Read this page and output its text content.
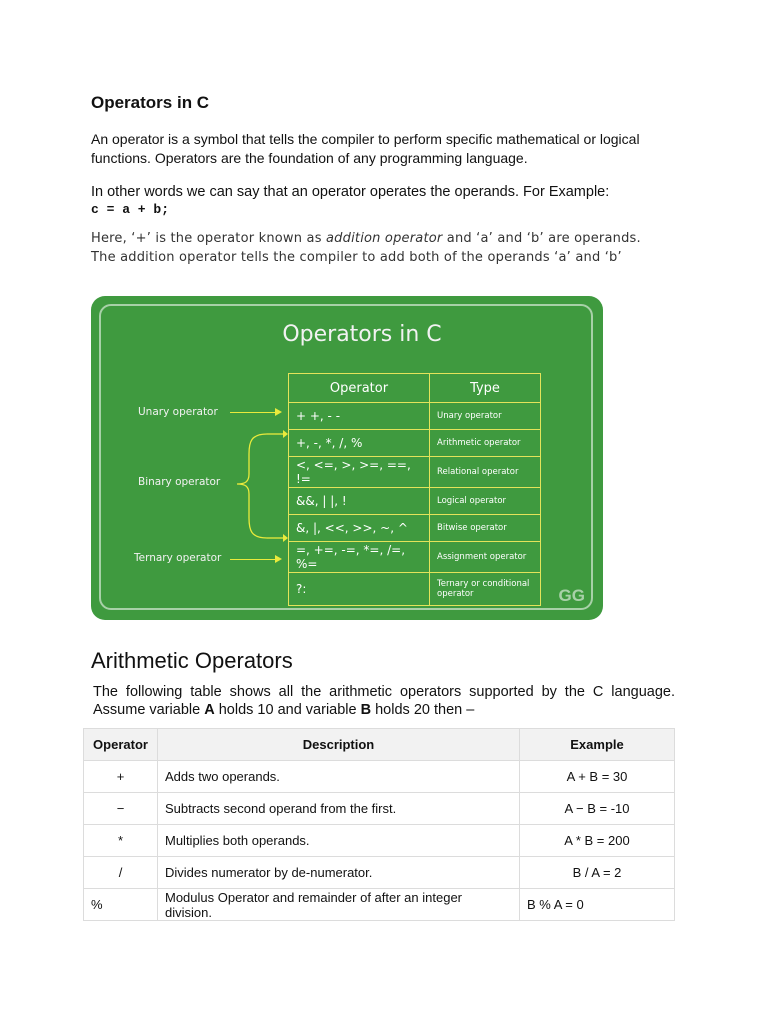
Operators in C
An operator is a symbol that tells the compiler to perform specific mathematical or logical functions. Operators are the foundation of any programming language.
In other words we can say that an operator operates the operands. For Example:
c = a + b;
Here, ‘+’ is the operator known as addition operator and ‘a’ and ‘b’ are operands. The addition operator tells the compiler to add both of the operands ‘a’ and ‘b’
Operators in C
Operator	Type
+ +, - -	Unary operator
+, -, *, /, %	Arithmetic operator
<, <=, >, >=, ==, !=	Relational operator
&&, | |, !	Logical operator
&, |, <<, >>, ~, ^	Bitwise operator
=, +=, -=, *=, /=, %=	Assignment operator
?:	Ternary or conditional operator
Unary operator
Binary operator
Ternary operator
GG
Arithmetic Operators
The following table shows all the arithmetic operators supported by the C language. Assume variable A holds 10 and variable B holds 20 then –
Operator	Description	Example
+	Adds two operands.	A + B = 30
−	Subtracts second operand from the first.	A − B = -10
*	Multiplies both operands.	A * B = 200
/	Divides numerator by de-numerator.	B / A = 2
%	Modulus Operator and remainder of after an integer division.	B % A = 0
